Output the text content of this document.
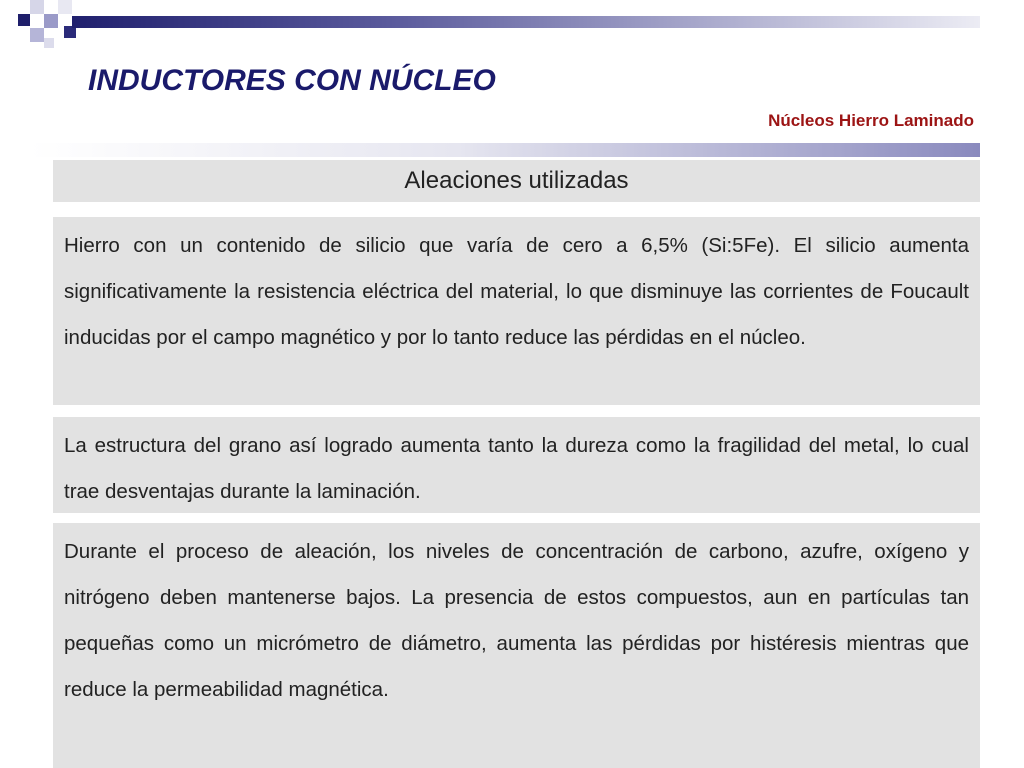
INDUCTORES CON NÚCLEO
Núcleos Hierro Laminado
Aleaciones utilizadas
Hierro con un contenido de silicio que varía de cero a 6,5% (Si:5Fe). El silicio aumenta significativamente la resistencia eléctrica del material, lo que disminuye las corrientes de Foucault inducidas por el campo magnético y por lo tanto reduce las pérdidas en el núcleo.
La estructura del grano así logrado aumenta tanto la dureza como la fragilidad del metal, lo cual trae desventajas durante la laminación.
Durante el proceso de aleación, los niveles de concentración de carbono, azufre, oxígeno y nitrógeno deben mantenerse bajos. La presencia de estos compuestos, aun en partículas tan pequeñas como un micrómetro de diámetro, aumenta las pérdidas por histéresis mientras que reduce la permeabilidad magnética.
